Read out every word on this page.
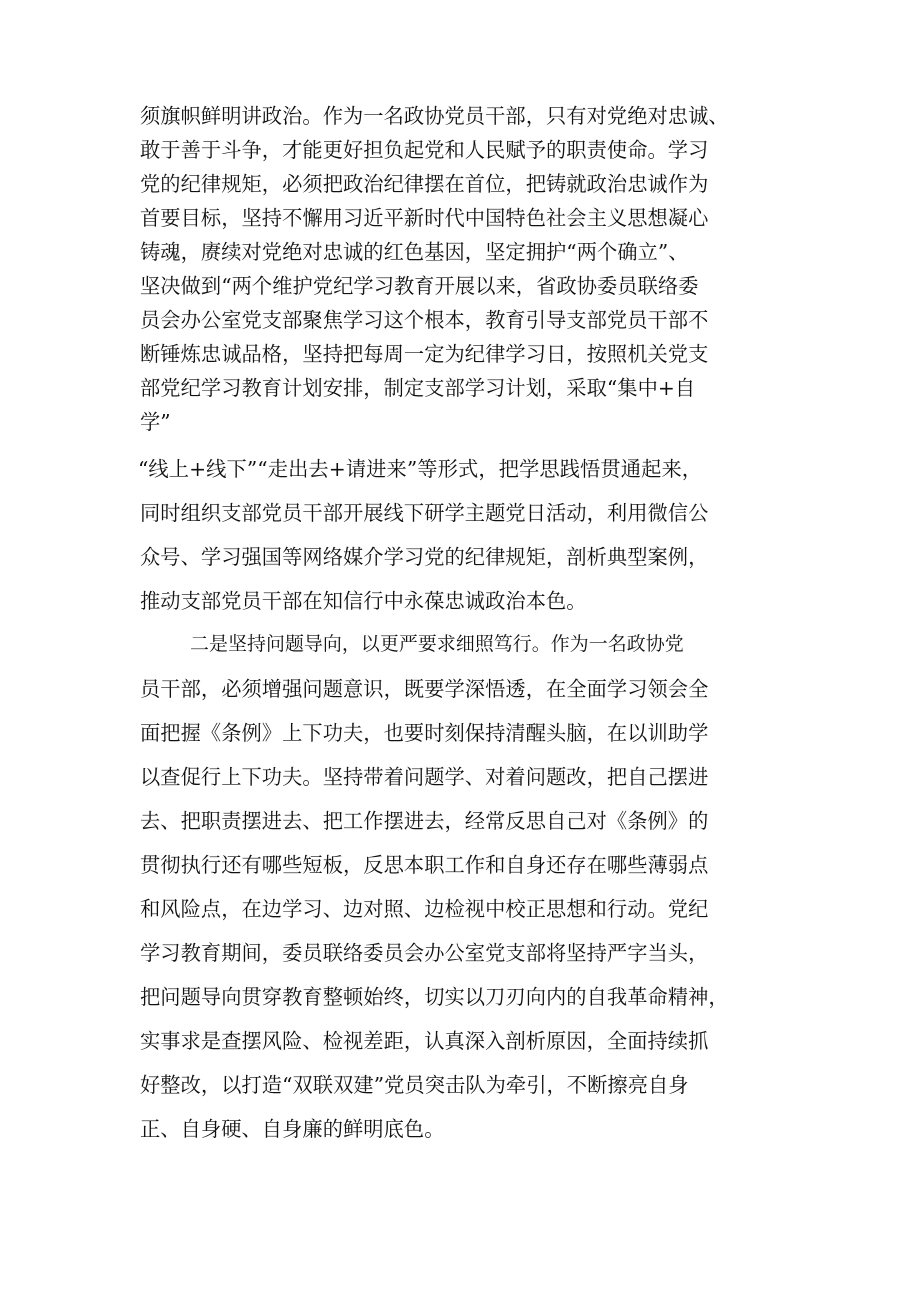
须旗帜鲜明讲政治。作为一名政协党员干部，只有对党绝对忠诚、
敢于善于斗争，才能更好担负起党和人民赋予的职责使命。学习
党的纪律规矩，必须把政治纪律摆在首位，把铸就政治忠诚作为
首要目标，坚持不懈用习近平新时代中国特色社会主义思想凝心
铸魂，赓续对党绝对忠诚的红色基因，坚定拥护“两个确立”、
坚决做到“两个维护党纪学习教育开展以来，省政协委员联络委
员会办公室党支部聚焦学习这个根本，教育引导支部党员干部不
断锤炼忠诚品格，坚持把每周一定为纪律学习日，按照机关党支
部党纪学习教育计划安排，制定支部学习计划，采取“集中+自
学”
“线上+线下”“走出去+请进来”等形式，把学思践悟贯通起来，
同时组织支部党员干部开展线下研学主题党日活动，利用微信公
众号、学习强国等网络媒介学习党的纪律规矩，剖析典型案例，
推动支部党员干部在知信行中永葆忠诚政治本色。
二是坚持问题导向，以更严要求细照笃行。作为一名政协党
员干部，必须增强问题意识，既要学深悟透，在全面学习领会全
面把握《条例》上下功夫，也要时刻保持清醒头脑，在以训助学
以查促行上下功夫。坚持带着问题学、对着问题改，把自己摆进
去、把职责摆进去、把工作摆进去，经常反思自己对《条例》的
贯彻执行还有哪些短板，反思本职工作和自身还存在哪些薄弱点
和风险点，在边学习、边对照、边检视中校正思想和行动。党纪
学习教育期间，委员联络委员会办公室党支部将坚持严字当头，
把问题导向贯穿教育整顿始终，切实以刀刃向内的自我革命精神，
实事求是查摆风险、检视差距，认真深入剖析原因，全面持续抓
好整改，以打造“双联双建”党员突击队为牵引，不断擦亮自身
正、自身硬、自身廉的鲜明底色。
